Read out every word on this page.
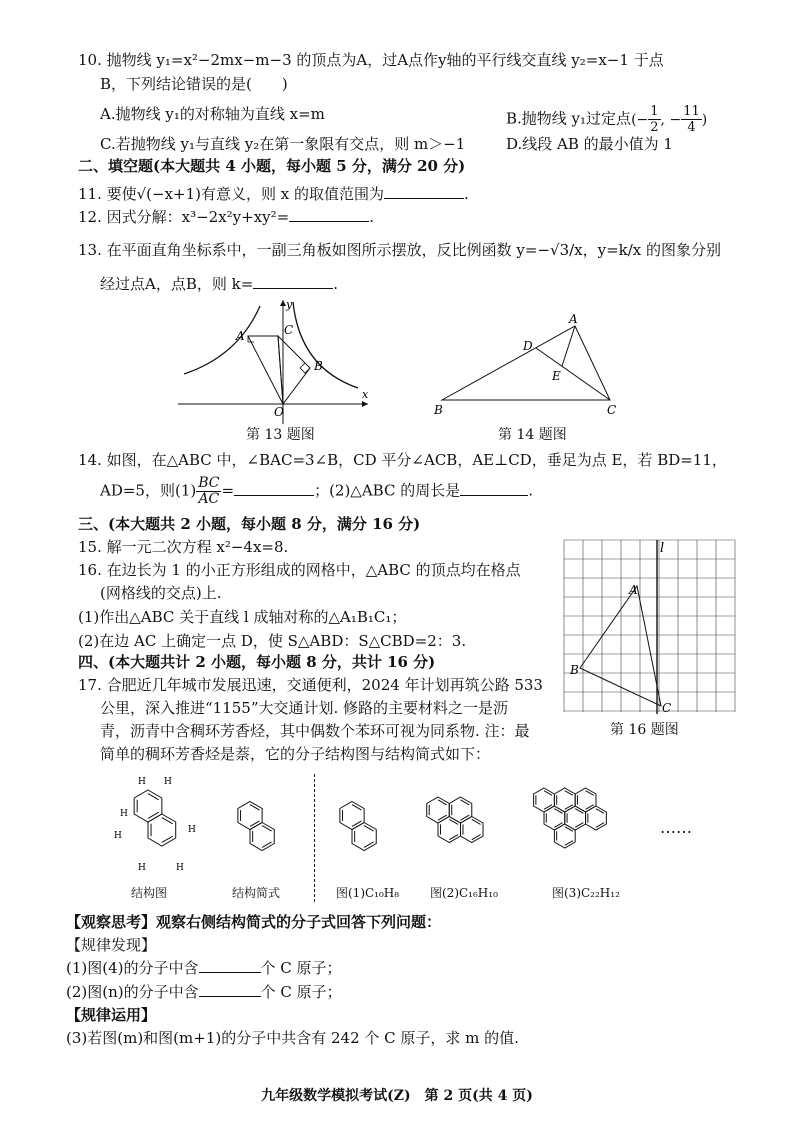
10. 抛物线 y₁=x²−2mx−m−3 的顶点为A，过A点作y轴的平行线交直线 y₂=x−1 于点
B，下列结论错误的是(　　)
A.抛物线 y₁的对称轴为直线 x=m	B.抛物线 y₁过定点(− $\frac{1}{2}$ , − $\frac{11}{4}$ )
C.若抛物线 y₁与直线 y₂在第一象限有交点，则 m＞−1	D.线段 AB 的最小值为 1
二、填空题(本大题共 4 小题，每小题 5 分，满分 20 分)
11. 要使√(−x+1)有意义，则 x 的取值范围为	.
12. 因式分解：x³−2x²y+xy²=	.
13. 在平面直角坐标系中，一副三角板如图所示摆放，反比例函数 y=−√3/x，y=k/x 的图象分别
经过点A，点B，则 k=	.
A	C
B
O
x
y
第 13 题图
A
D
E
B	C
第 14 题图
14. 如图，在△ABC 中，∠BAC=3∠B，CD 平分∠ACB，AE⊥CD，垂足为点 E，若 BD=11，
AD=5，则$(1) \frac{BC}{AC}$ =	；(2)△ABC 的周长是	.
三、(本大题共 2 小题，每小题 8 分，满分 16 分)
15. 解一元二次方程 x²−4x=8.
16. 在边长为 1 的小正方形组成的网格中，△ABC 的顶点均在格点
(网格线的交点)上.
(1)作出△ABC 关于直线 l 成轴对称的△A₁B₁C₁；
(2)在边 AC 上确定一点 D，使 S△ABD：S△CBD=2：3.
l
A
B
C
四、(本大题共计 2 小题，每小题 8 分，共计 16 分)
17. 合肥近几年城市发展迅速，交通便利，2024 年计划再筑公路 533
公里，深入推进“1155”大交通计划. 修路的主要材料之一是沥
青，沥青中含稠环芳香烃，其中偶数个苯环可视为同系物. 注：最
简单的稠环芳香烃是萘，它的分子结构图与结构简式如下：
第 16 题图
H H
H
H
H	H
H
结构图	结构简式	图(1)C₁₀H₈	图(2)C₁₆H₁₀	图(3)C₂₂H₁₂
……
【观察思考】观察右侧结构简式的分子式回答下列问题：
【规律发现】
(1)图(4)的分子中含	个 C 原子；
(2)图(n)的分子中含	个 C 原子；
【规律运用】
(3)若图(m)和图(m+1)的分子中共含有 242 个 C 原子，求 m 的值.
九年级数学模拟考试(Z)　第 2 页(共 4 页)
